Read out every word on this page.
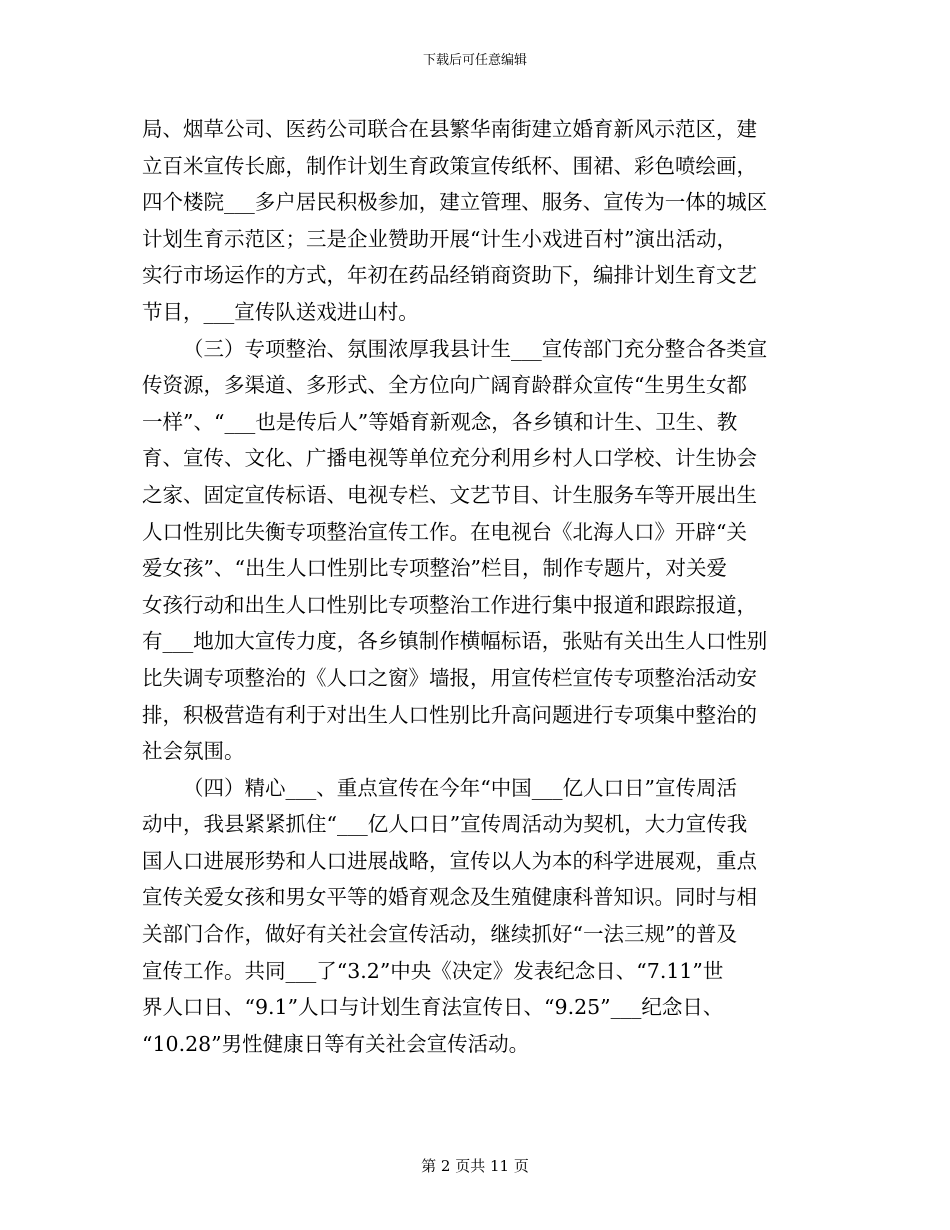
下载后可任意编辑
局、烟草公司、医药公司联合在县繁华南街建立婚育新风示范区，建
立百米宣传长廊，制作计划生育政策宣传纸杯、围裙、彩色喷绘画，
四个楼院___多户居民积极参加，建立管理、服务、宣传为一体的城区
计划生育示范区；三是企业赞助开展“计生小戏进百村”演出活动，
实行市场运作的方式，年初在药品经销商资助下，编排计划生育文艺
节目，___宣传队送戏进山村。
（三）专项整治、氛围浓厚我县计生___宣传部门充分整合各类宣
传资源，多渠道、多形式、全方位向广阔育龄群众宣传“生男生女都
一样”、“___也是传后人”等婚育新观念，各乡镇和计生、卫生、教
育、宣传、文化、广播电视等单位充分利用乡村人口学校、计生协会
之家、固定宣传标语、电视专栏、文艺节目、计生服务车等开展出生
人口性别比失衡专项整治宣传工作。在电视台《北海人口》开辟“关
爱女孩”、“出生人口性别比专项整治”栏目，制作专题片，对关爱
女孩行动和出生人口性别比专项整治工作进行集中报道和跟踪报道，
有___地加大宣传力度，各乡镇制作横幅标语，张贴有关出生人口性别
比失调专项整治的《人口之窗》墙报，用宣传栏宣传专项整治活动安
排，积极营造有利于对出生人口性别比升高问题进行专项集中整治的
社会氛围。
（四）精心___、重点宣传在今年“中国___亿人口日”宣传周活
动中，我县紧紧抓住“___亿人口日”宣传周活动为契机，大力宣传我
国人口进展形势和人口进展战略，宣传以人为本的科学进展观，重点
宣传关爱女孩和男女平等的婚育观念及生殖健康科普知识。同时与相
关部门合作，做好有关社会宣传活动，继续抓好“一法三规”的普及
宣传工作。共同___了“3.2”中央《决定》发表纪念日、“7.11”世
界人口日、“9.1”人口与计划生育法宣传日、“9.25”___纪念日、
“10.28”男性健康日等有关社会宣传活动。
第 2 页共 11 页
